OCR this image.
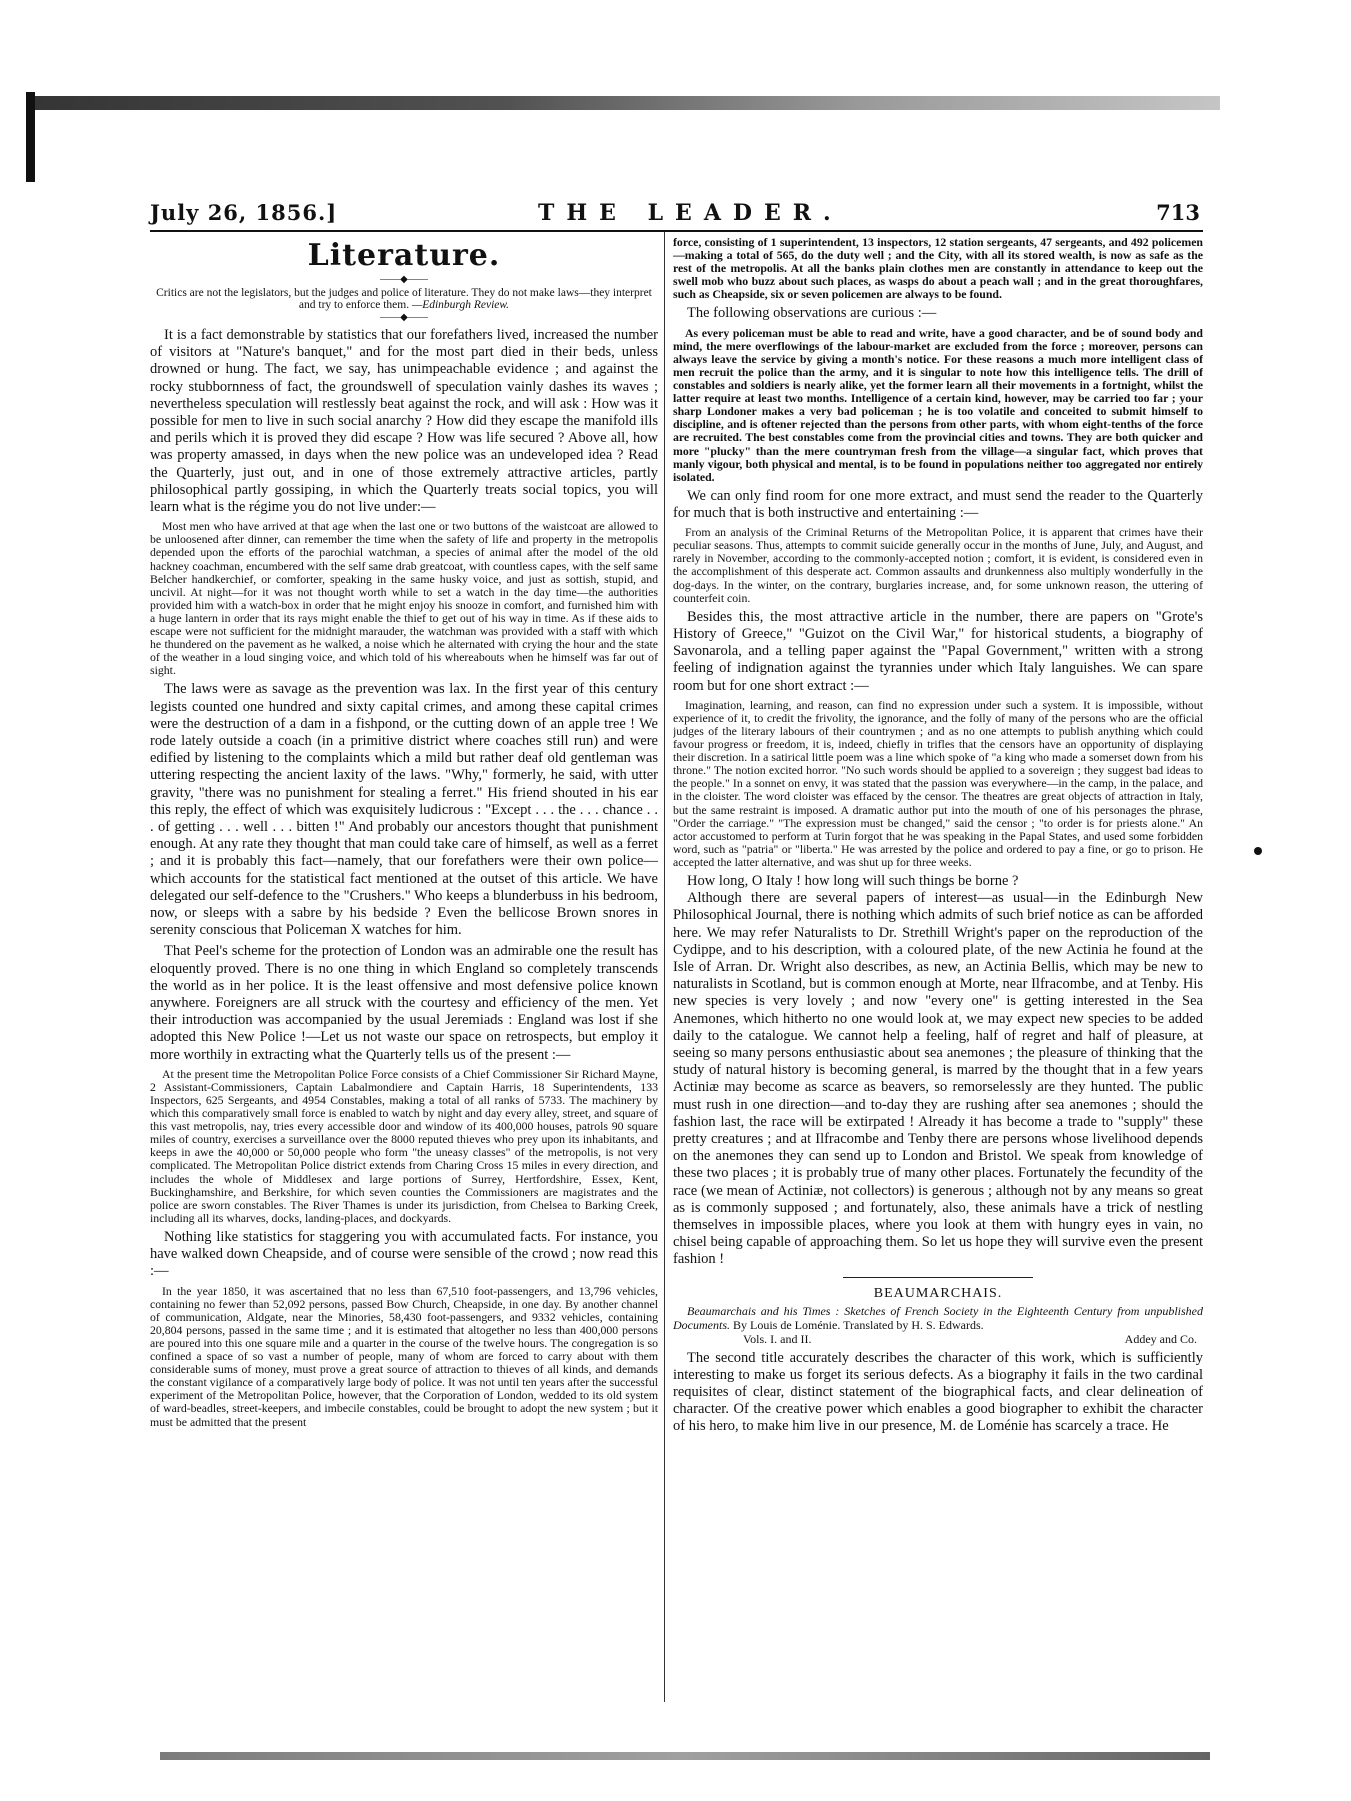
July 26, 1856.]	THE LEADER.	713
Literature.
——◆——
Critics are not the legislators, but the judges and police of literature. They do not make laws—they interpret and try to enforce them. —Edinburgh Review.
——◆——

It is a fact demonstrable by statistics that our forefathers lived, increased the number of visitors at "Nature's banquet," and for the most part died in their beds, unless drowned or hung. The fact, we say, has unimpeachable evidence ; and against the rocky stubbornness of fact, the groundswell of speculation vainly dashes its waves ; nevertheless speculation will restlessly beat against the rock, and will ask : How was it possible for men to live in such social anarchy ? How did they escape the manifold ills and perils which it is proved they did escape ? How was life secured ? Above all, how was property amassed, in days when the new police was an undeveloped idea ? Read the Quarterly, just out, and in one of those extremely attractive articles, partly philosophical partly gossiping, in which the Quarterly treats social topics, you will learn what is the régime you do not live under:—

Most men who have arrived at that age when the last one or two buttons of the waistcoat are allowed to be unloosened after dinner, can remember the time when the safety of life and property in the metropolis depended upon the efforts of the parochial watchman, a species of animal after the model of the old hackney coachman, encumbered with the self same drab greatcoat, with countless capes, with the self same Belcher handkerchief, or comforter, speaking in the same husky voice, and just as sottish, stupid, and uncivil. At night—for it was not thought worth while to set a watch in the day time—the authorities provided him with a watch-box in order that he might enjoy his snooze in comfort, and furnished him with a huge lantern in order that its rays might enable the thief to get out of his way in time. As if these aids to escape were not sufficient for the midnight marauder, the watchman was provided with a staff with which he thundered on the pavement as he walked, a noise which he alternated with crying the hour and the state of the weather in a loud singing voice, and which told of his whereabouts when he himself was far out of sight.

The laws were as savage as the prevention was lax. In the first year of this century legists counted one hundred and sixty capital crimes, and among these capital crimes were the destruction of a dam in a fishpond, or the cutting down of an apple tree ! We rode lately outside a coach (in a primitive district where coaches still run) and were edified by listening to the complaints which a mild but rather deaf old gentleman was uttering respecting the ancient laxity of the laws. "Why," formerly, he said, with utter gravity, "there was no punishment for stealing a ferret." His friend shouted in his ear this reply, the effect of which was exquisitely ludicrous : "Except . . . the . . . chance . . . of getting . . . well . . . bitten !" And probably our ancestors thought that punishment enough. At any rate they thought that man could take care of himself, as well as a ferret ; and it is probably this fact—namely, that our forefathers were their own police—which accounts for the statistical fact mentioned at the outset of this article. We have delegated our self-defence to the "Crushers." Who keeps a blunderbuss in his bedroom, now, or sleeps with a sabre by his bedside ? Even the bellicose Brown snores in serenity conscious that Policeman X watches for him.

That Peel's scheme for the protection of London was an admirable one the result has eloquently proved. There is no one thing in which England so completely transcends the world as in her police. It is the least offensive and most defensive police known anywhere. Foreigners are all struck with the courtesy and efficiency of the men. Yet their introduction was accompanied by the usual Jeremiads : England was lost if she adopted this New Police !—Let us not waste our space on retrospects, but employ it more worthily in extracting what the Quarterly tells us of the present :—

At the present time the Metropolitan Police Force consists of a Chief Commissioner Sir Richard Mayne, 2 Assistant-Commissioners, Captain Labalmondiere and Captain Harris, 18 Superintendents, 133 Inspectors, 625 Sergeants, and 4954 Constables, making a total of all ranks of 5733. The machinery by which this comparatively small force is enabled to watch by night and day every alley, street, and square of this vast metropolis, nay, tries every accessible door and window of its 400,000 houses, patrols 90 square miles of country, exercises a surveillance over the 8000 reputed thieves who prey upon its inhabitants, and keeps in awe the 40,000 or 50,000 people who form "the uneasy classes" of the metropolis, is not very complicated. The Metropolitan Police district extends from Charing Cross 15 miles in every direction, and includes the whole of Middlesex and large portions of Surrey, Hertfordshire, Essex, Kent, Buckinghamshire, and Berkshire, for which seven counties the Commissioners are magistrates and the police are sworn constables. The River Thames is under its jurisdiction, from Chelsea to Barking Creek, including all its wharves, docks, landing-places, and dockyards.

Nothing like statistics for staggering you with accumulated facts. For instance, you have walked down Cheapside, and of course were sensible of the crowd ; now read this :—

In the year 1850, it was ascertained that no less than 67,510 foot-passengers, and 13,796 vehicles, containing no fewer than 52,092 persons, passed Bow Church, Cheapside, in one day. By another channel of communication, Aldgate, near the Minories, 58,430 foot-passengers, and 9332 vehicles, containing 20,804 persons, passed in the same time ; and it is estimated that altogether no less than 400,000 persons are poured into this one square mile and a quarter in the course of the twelve hours. The congregation is so confined a space of so vast a number of people, many of whom are forced to carry about with them considerable sums of money, must prove a great source of attraction to thieves of all kinds, and demands the constant vigilance of a comparatively large body of police. It was not until ten years after the successful experiment of the Metropolitan Police, however, that the Corporation of London, wedded to its old system of ward-beadles, street-keepers, and imbecile constables, could be brought to adopt the new system ; but it must be admitted that the present

force, consisting of 1 superintendent, 13 inspectors, 12 station sergeants, 47 sergeants, and 492 policemen—making a total of 565, do the duty well ; and the City, with all its stored wealth, is now as safe as the rest of the metropolis. At all the banks plain clothes men are constantly in attendance to keep out the swell mob who buzz about such places, as wasps do about a peach wall ; and in the great thoroughfares, such as Cheapside, six or seven policemen are always to be found.

The following observations are curious :—

As every policeman must be able to read and write, have a good character, and be of sound body and mind, the mere overflowings of the labour-market are excluded from the force ; moreover, persons can always leave the service by giving a month's notice. For these reasons a much more intelligent class of men recruit the police than the army, and it is singular to note how this intelligence tells. The drill of constables and soldiers is nearly alike, yet the former learn all their movements in a fortnight, whilst the latter require at least two months. Intelligence of a certain kind, however, may be carried too far ; your sharp Londoner makes a very bad policeman ; he is too volatile and conceited to submit himself to discipline, and is oftener rejected than the persons from other parts, with whom eight-tenths of the force are recruited. The best constables come from the provincial cities and towns. They are both quicker and more "plucky" than the mere countryman fresh from the village—a singular fact, which proves that manly vigour, both physical and mental, is to be found in populations neither too aggregated nor entirely isolated.

We can only find room for one more extract, and must send the reader to the Quarterly for much that is both instructive and entertaining :—

From an analysis of the Criminal Returns of the Metropolitan Police, it is apparent that crimes have their peculiar seasons. Thus, attempts to commit suicide generally occur in the months of June, July, and August, and rarely in November, according to the commonly-accepted notion ; comfort, it is evident, is considered even in the accomplishment of this desperate act. Common assaults and drunkenness also multiply wonderfully in the dog-days. In the winter, on the contrary, burglaries increase, and, for some unknown reason, the uttering of counterfeit coin.

Besides this, the most attractive article in the number, there are papers on "Grote's History of Greece," "Guizot on the Civil War," for historical students, a biography of Savonarola, and a telling paper against the "Papal Government," written with a strong feeling of indignation against the tyrannies under which Italy languishes. We can spare room but for one short extract :—

Imagination, learning, and reason, can find no expression under such a system. It is impossible, without experience of it, to credit the frivolity, the ignorance, and the folly of many of the persons who are the official judges of the literary labours of their countrymen ; and as no one attempts to publish anything which could favour progress or freedom, it is, indeed, chiefly in trifles that the censors have an opportunity of displaying their discretion. In a satirical little poem was a line which spoke of "a king who made a somerset down from his throne." The notion excited horror. "No such words should be applied to a sovereign ; they suggest bad ideas to the people." In a sonnet on envy, it was stated that the passion was everywhere—in the camp, in the palace, and in the cloister. The word cloister was effaced by the censor. The theatres are great objects of attraction in Italy, but the same restraint is imposed. A dramatic author put into the mouth of one of his personages the phrase, "Order the carriage." "The expression must be changed," said the censor ; "to order is for priests alone." An actor accustomed to perform at Turin forgot that he was speaking in the Papal States, and used some forbidden word, such as "patria" or "liberta." He was arrested by the police and ordered to pay a fine, or go to prison. He accepted the latter alternative, and was shut up for three weeks.

How long, O Italy ! how long will such things be borne ?

Although there are several papers of interest—as usual—in the Edinburgh New Philosophical Journal, there is nothing which admits of such brief notice as can be afforded here. We may refer Naturalists to Dr. Strethill Wright's paper on the reproduction of the Cydippe, and to his description, with a coloured plate, of the new Actinia he found at the Isle of Arran. Dr. Wright also describes, as new, an Actinia Bellis, which may be new to naturalists in Scotland, but is common enough at Morte, near Ilfracombe, and at Tenby. His new species is very lovely ; and now "every one" is getting interested in the Sea Anemones, which hitherto no one would look at, we may expect new species to be added daily to the catalogue. We cannot help a feeling, half of regret and half of pleasure, at seeing so many persons enthusiastic about sea anemones ; the pleasure of thinking that the study of natural history is becoming general, is marred by the thought that in a few years Actiniæ may become as scarce as beavers, so remorselessly are they hunted. The public must rush in one direction—and to-day they are rushing after sea anemones ; should the fashion last, the race will be extirpated ! Already it has become a trade to "supply" these pretty creatures ; and at Ilfracombe and Tenby there are persons whose livelihood depends on the anemones they can send up to London and Bristol. We speak from knowledge of these two places ; it is probably true of many other places. Fortunately the fecundity of the race (we mean of Actiniæ, not collectors) is generous ; although not by any means so great as is commonly supposed ; and fortunately, also, these animals have a trick of nestling themselves in impossible places, where you look at them with hungry eyes in vain, no chisel being capable of approaching them. So let us hope they will survive even the present fashion !

BEAUMARCHAIS.

Beaumarchais and his Times : Sketches of French Society in the Eighteenth Century from unpublished Documents. By Louis de Loménie. Translated by H. S. Edwards.

Vols. I. and II.	Addey and Co.

The second title accurately describes the character of this work, which is sufficiently interesting to make us forget its serious defects. As a biography it fails in the two cardinal requisites of clear, distinct statement of the biographical facts, and clear delineation of character. Of the creative power which enables a good biographer to exhibit the character of his hero, to make him live in our presence, M. de Loménie has scarcely a trace. He
